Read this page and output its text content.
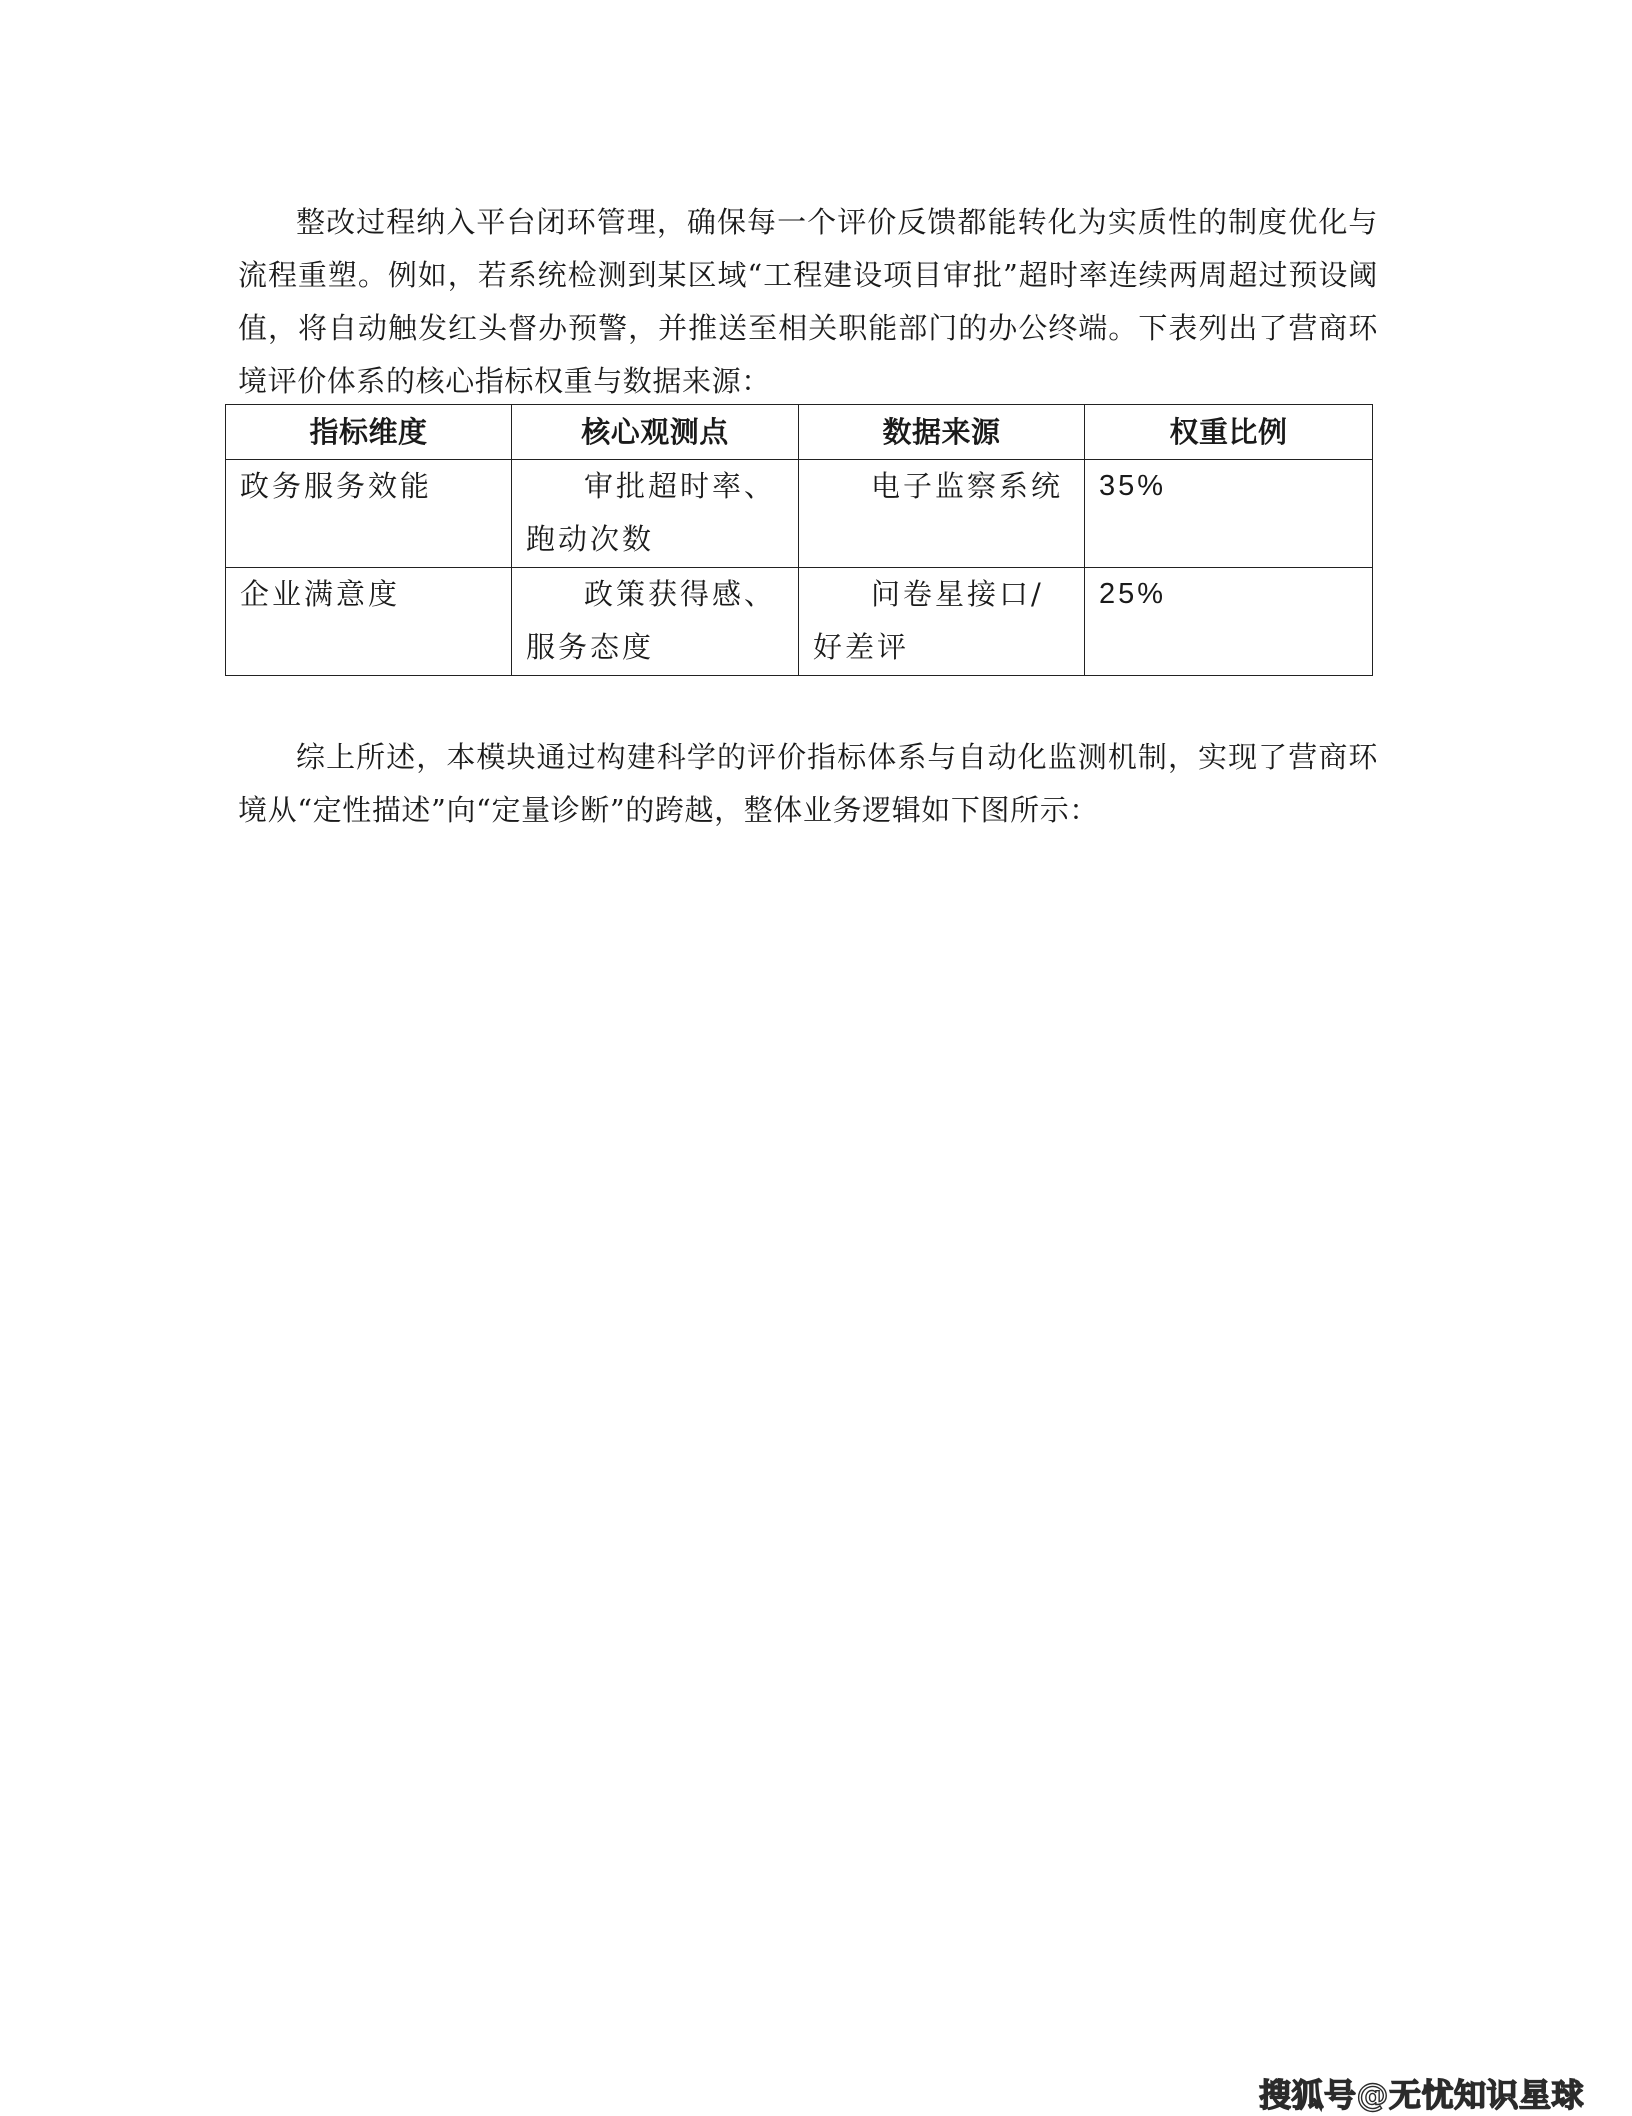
整改过程纳入平台闭环管理，确保每一个评价反馈都能转化为实质性的制度优化与流程重塑。例如，若系统检测到某区域“工程建设项目审批”超时率连续两周超过预设阈值，将自动触发红头督办预警，并推送至相关职能部门的办公终端。下表列出了营商环境评价体系的核心指标权重与数据来源：

指标维度	核心观测点	数据来源	权重比例
政务服务效能	审批超时率、跑动次数	电子监察系统	35%
企业满意度	政策获得感、服务态度	问卷星接口/好差评	25%

综上所述，本模块通过构建科学的评价指标体系与自动化监测机制，实现了营商环境从“定性描述”向“定量诊断”的跨越，整体业务逻辑如下图所示：

搜狐号@无忧知识星球
